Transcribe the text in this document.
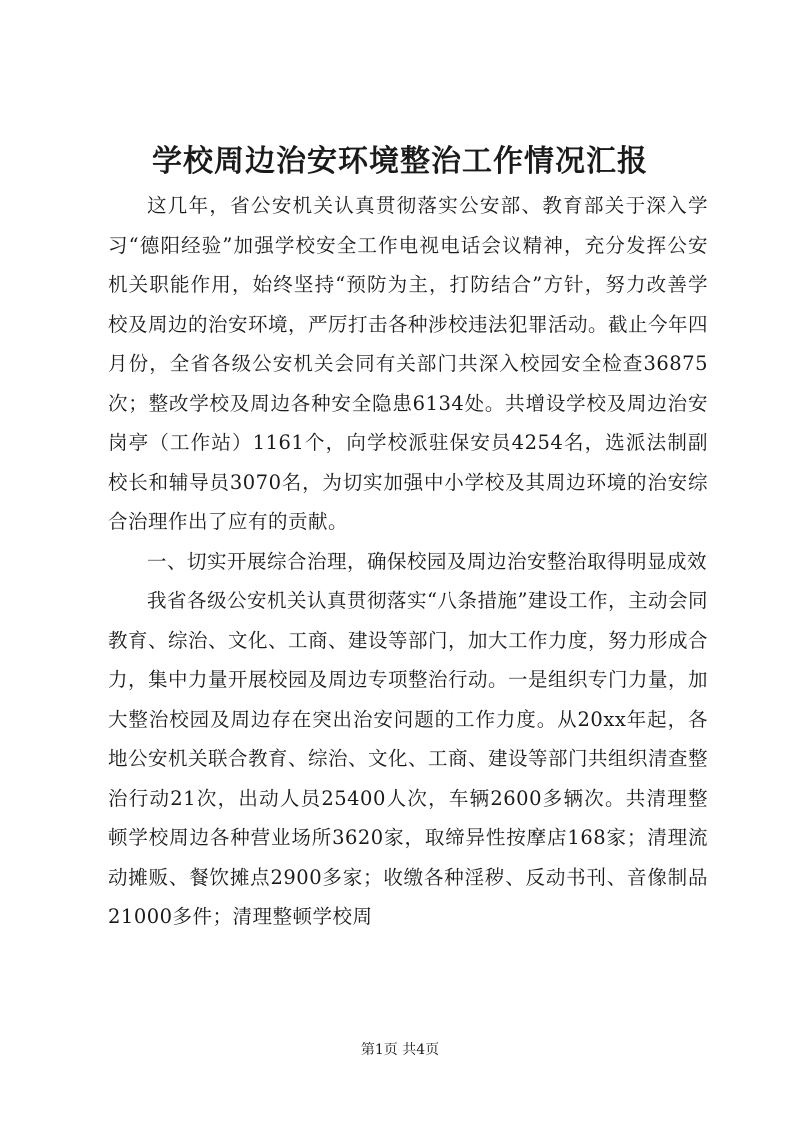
学校周边治安环境整治工作情况汇报

这几年，省公安机关认真贯彻落实公安部、教育部关于深入学习“德阳经验”加强学校安全工作电视电话会议精神，充分发挥公安机关职能作用，始终坚持“预防为主，打防结合”方针，努力改善学校及周边的治安环境，严厉打击各种涉校违法犯罪活动。截止今年四月份，全省各级公安机关会同有关部门共深入校园安全检查36875次；整改学校及周边各种安全隐患6134处。共增设学校及周边治安岗亭（工作站）1161个，向学校派驻保安员4254名，选派法制副校长和辅导员3070名，为切实加强中小学校及其周边环境的治安综合治理作出了应有的贡献。

一、切实开展综合治理，确保校园及周边治安整治取得明显成效

我省各级公安机关认真贯彻落实“八条措施”建设工作，主动会同教育、综治、文化、工商、建设等部门，加大工作力度，努力形成合力，集中力量开展校园及周边专项整治行动。一是组织专门力量，加大整治校园及周边存在突出治安问题的工作力度。从20xx年起，各地公安机关联合教育、综治、文化、工商、建设等部门共组织清查整治行动21次，出动人员25400人次，车辆2600多辆次。共清理整顿学校周边各种营业场所3620家，取缔异性按摩店168家；清理流动摊贩、餐饮摊点2900多家；收缴各种淫秽、反动书刊、音像制品21000多件；清理整顿学校周

第1页 共4页
